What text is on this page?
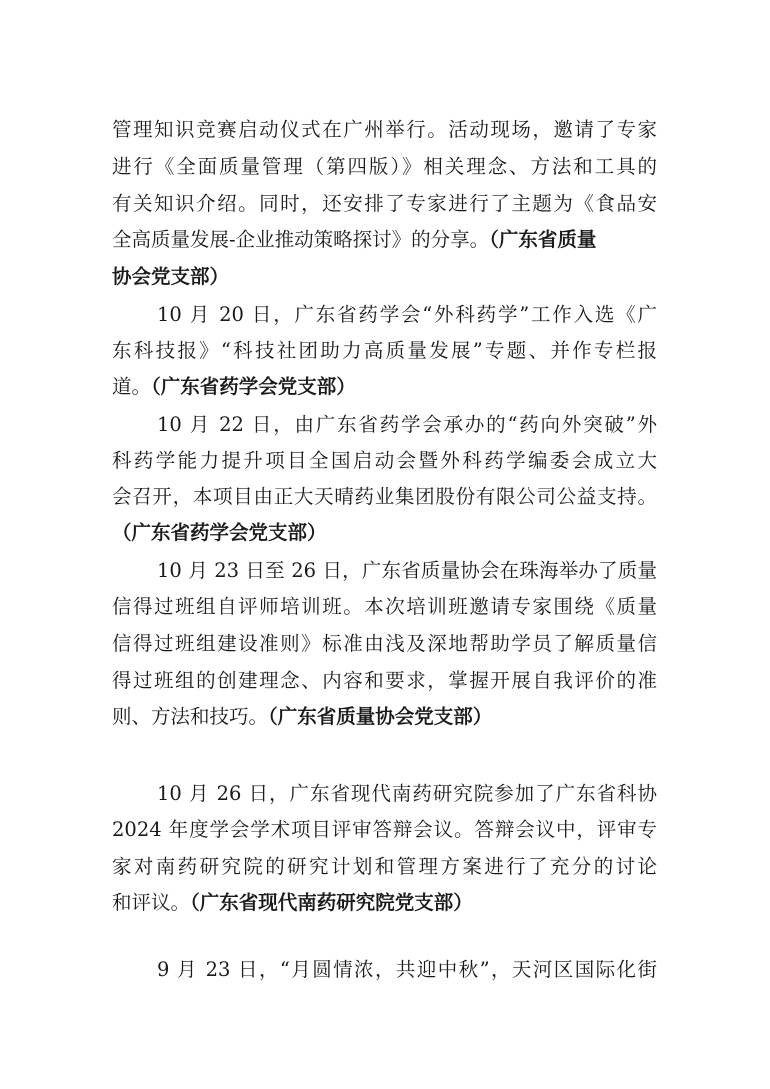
管理知识竞赛启动仪式在广州举行。活动现场，邀请了专家
进行《全面质量管理（第四版）》相关理念、方法和工具的
有关知识介绍。同时，还安排了专家进行了主题为《食品安
全高质量发展-企业推动策略探讨》的分享。（广东省质量
协会党支部）
10 月 20 日，广东省药学会“外科药学”工作入选《广
东科技报》“科技社团助力高质量发展”专题、并作专栏报
道。（广东省药学会党支部）
10 月 22 日，由广东省药学会承办的“药向外突破”外
科药学能力提升项目全国启动会暨外科药学编委会成立大
会召开，本项目由正大天晴药业集团股份有限公司公益支持。
（广东省药学会党支部）
10 月 23 日至 26 日，广东省质量协会在珠海举办了质量
信得过班组自评师培训班。本次培训班邀请专家围绕《质量
信得过班组建设准则》标准由浅及深地帮助学员了解质量信
得过班组的创建理念、内容和要求，掌握开展自我评价的准
则、方法和技巧。（广东省质量协会党支部）
10 月 26 日，广东省现代南药研究院参加了广东省科协
2024 年度学会学术项目评审答辩会议。答辩会议中，评审专
家对南药研究院的研究计划和管理方案进行了充分的讨论
和评议。（广东省现代南药研究院党支部）
9 月 23 日，“月圆情浓，共迎中秋”，天河区国际化街
